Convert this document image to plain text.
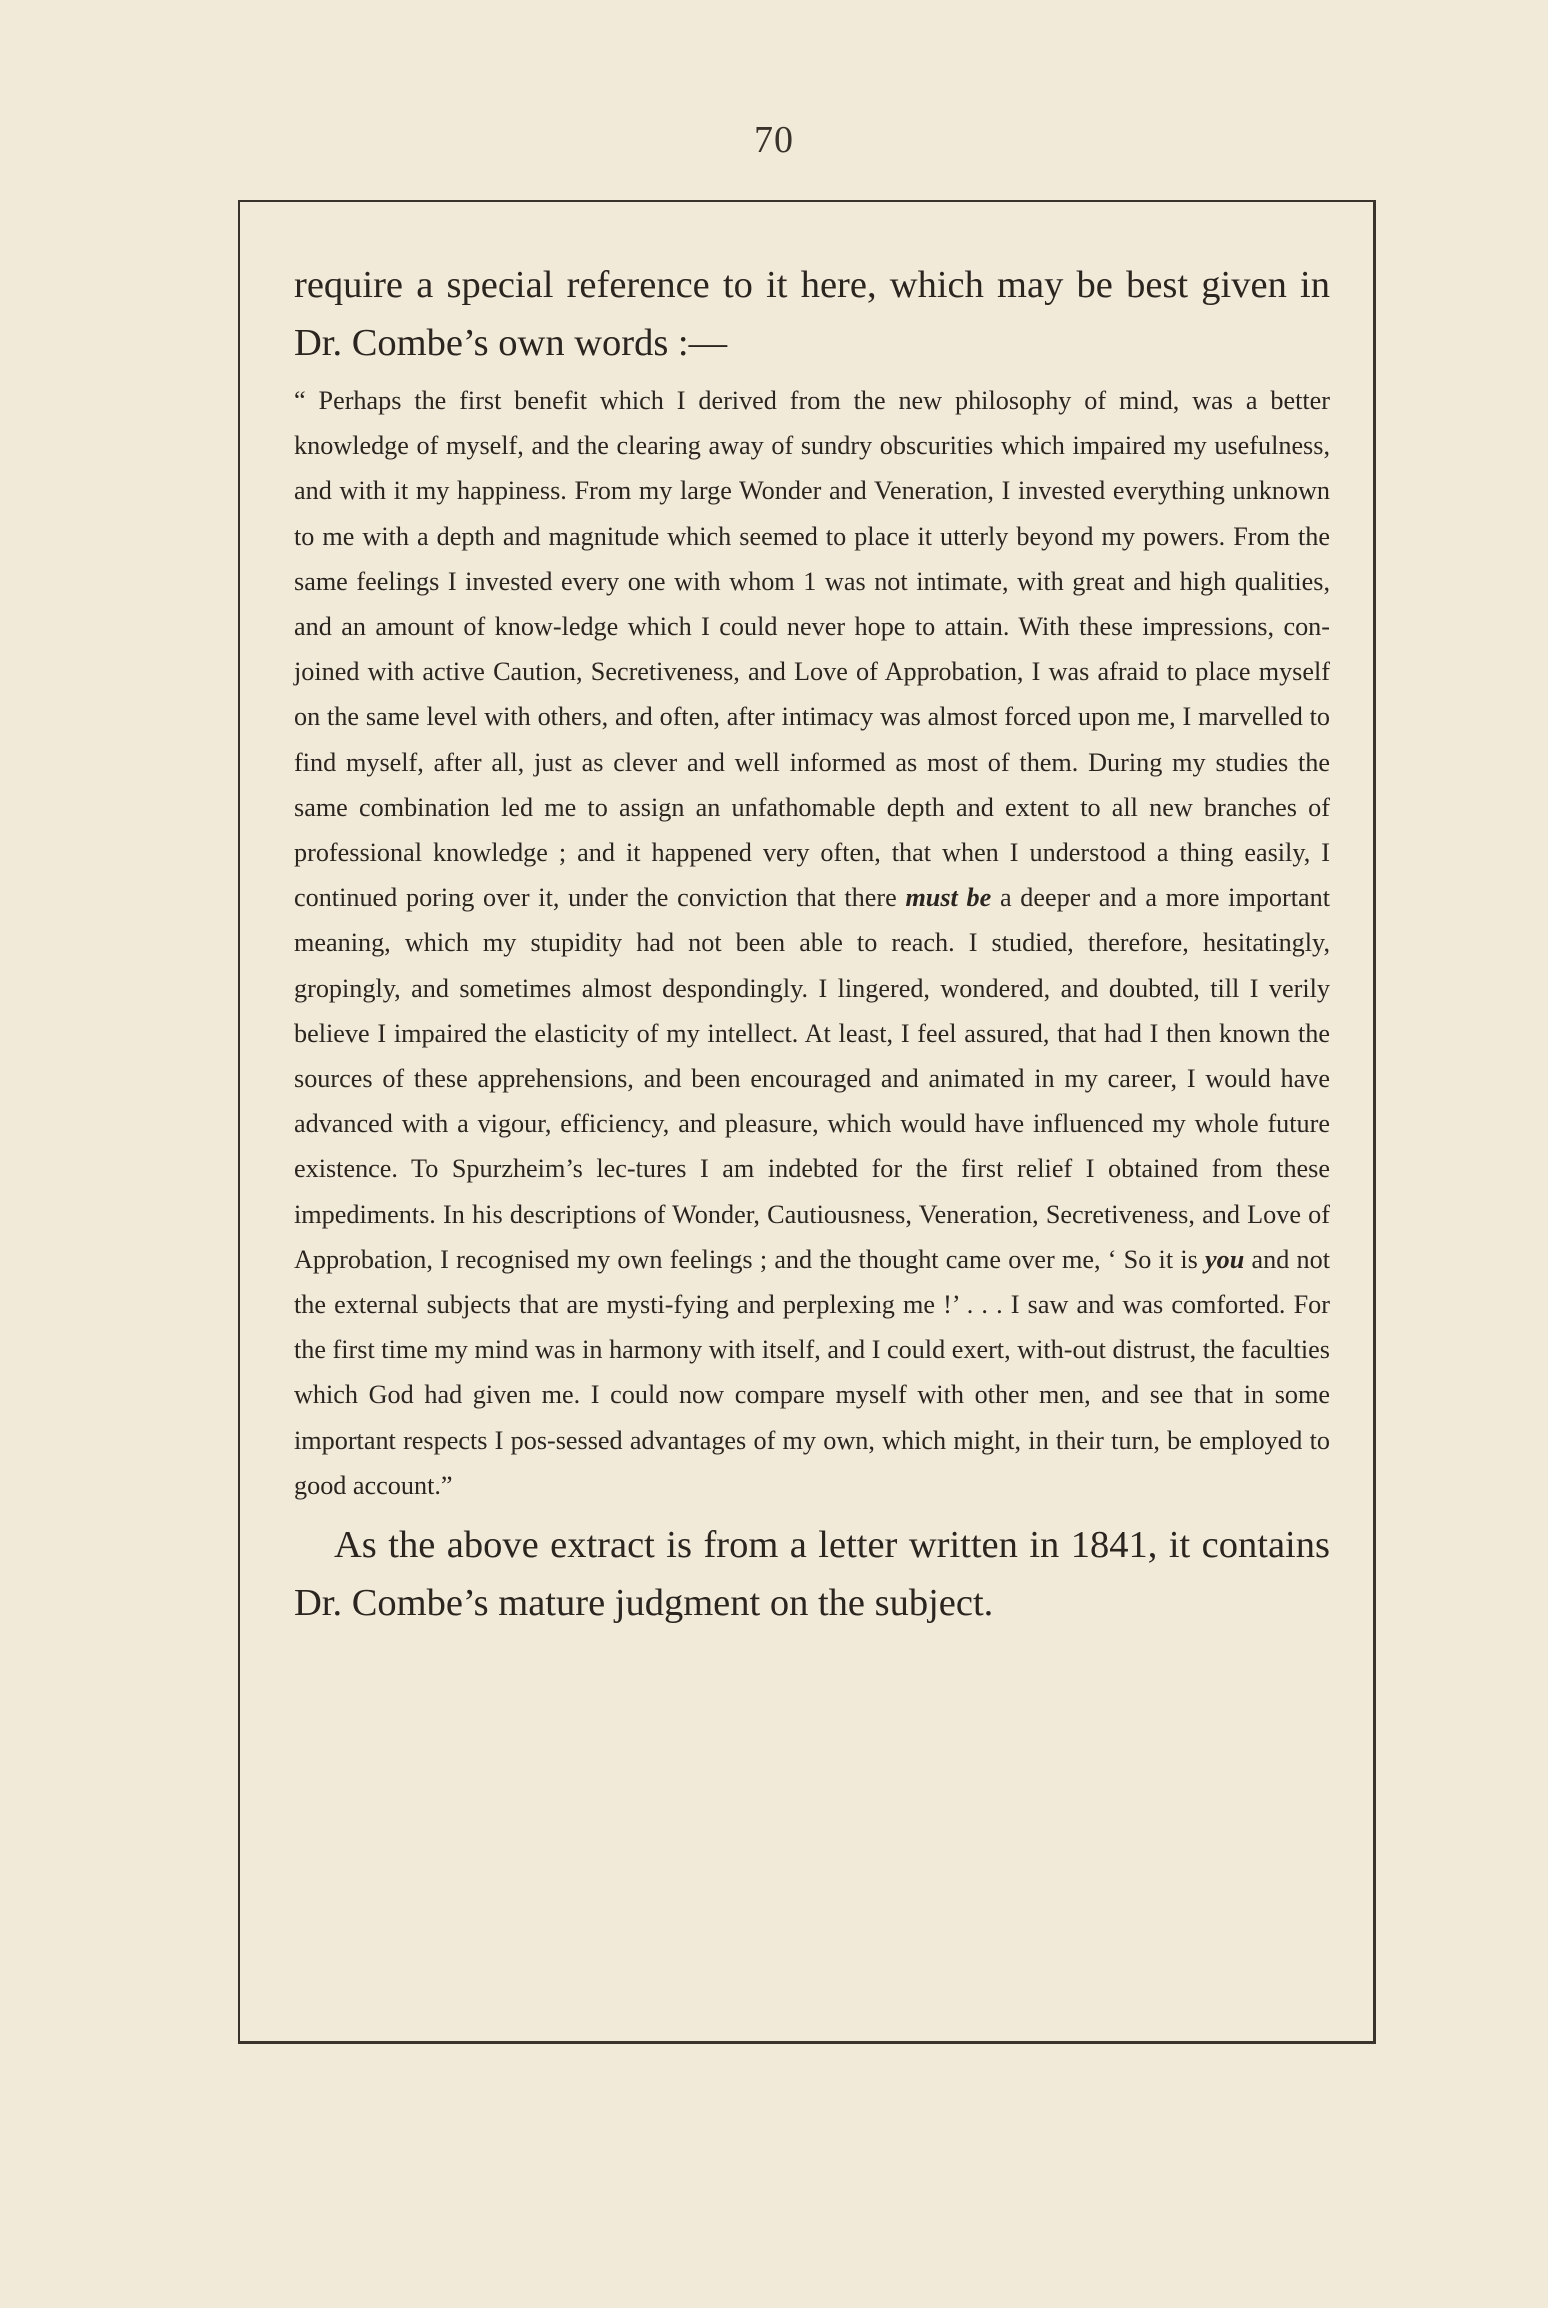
70

require a special reference to it here, which may be best given in Dr. Combe’s own words :—

“ Perhaps the first benefit which I derived from the new philosophy of mind, was a better knowledge of myself, and the clearing away of sundry obscurities which impaired my usefulness, and with it my happiness. From my large Wonder and Veneration, I invested everything unknown to me with a depth and magnitude which seemed to place it utterly beyond my powers. From the same feelings I invested every one with whom 1 was not intimate, with great and high qualities, and an amount of know-ledge which I could never hope to attain. With these impressions, con-joined with active Caution, Secretiveness, and Love of Approbation, I was afraid to place myself on the same level with others, and often, after intimacy was almost forced upon me, I marvelled to find myself, after all, just as clever and well informed as most of them. During my studies the same combination led me to assign an unfathomable depth and extent to all new branches of professional knowledge ; and it happened very often, that when I understood a thing easily, I continued poring over it, under the conviction that there must be a deeper and a more important meaning, which my stupidity had not been able to reach. I studied, therefore, hesitatingly, gropingly, and sometimes almost despondingly. I lingered, wondered, and doubted, till I verily believe I impaired the elasticity of my intellect. At least, I feel assured, that had I then known the sources of these apprehensions, and been encouraged and animated in my career, I would have advanced with a vigour, efficiency, and pleasure, which would have influenced my whole future existence. To Spurzheim’s lec-tures I am indebted for the first relief I obtained from these impediments. In his descriptions of Wonder, Cautiousness, Veneration, Secretiveness, and Love of Approbation, I recognised my own feelings ; and the thought came over me, ‘ So it is you and not the external subjects that are mysti-fying and perplexing me !’ . . . I saw and was comforted. For the first time my mind was in harmony with itself, and I could exert, with-out distrust, the faculties which God had given me. I could now compare myself with other men, and see that in some important respects I pos-sessed advantages of my own, which might, in their turn, be employed to good account.”

As the above extract is from a letter written in 1841, it contains Dr. Combe’s mature judgment on the subject.
